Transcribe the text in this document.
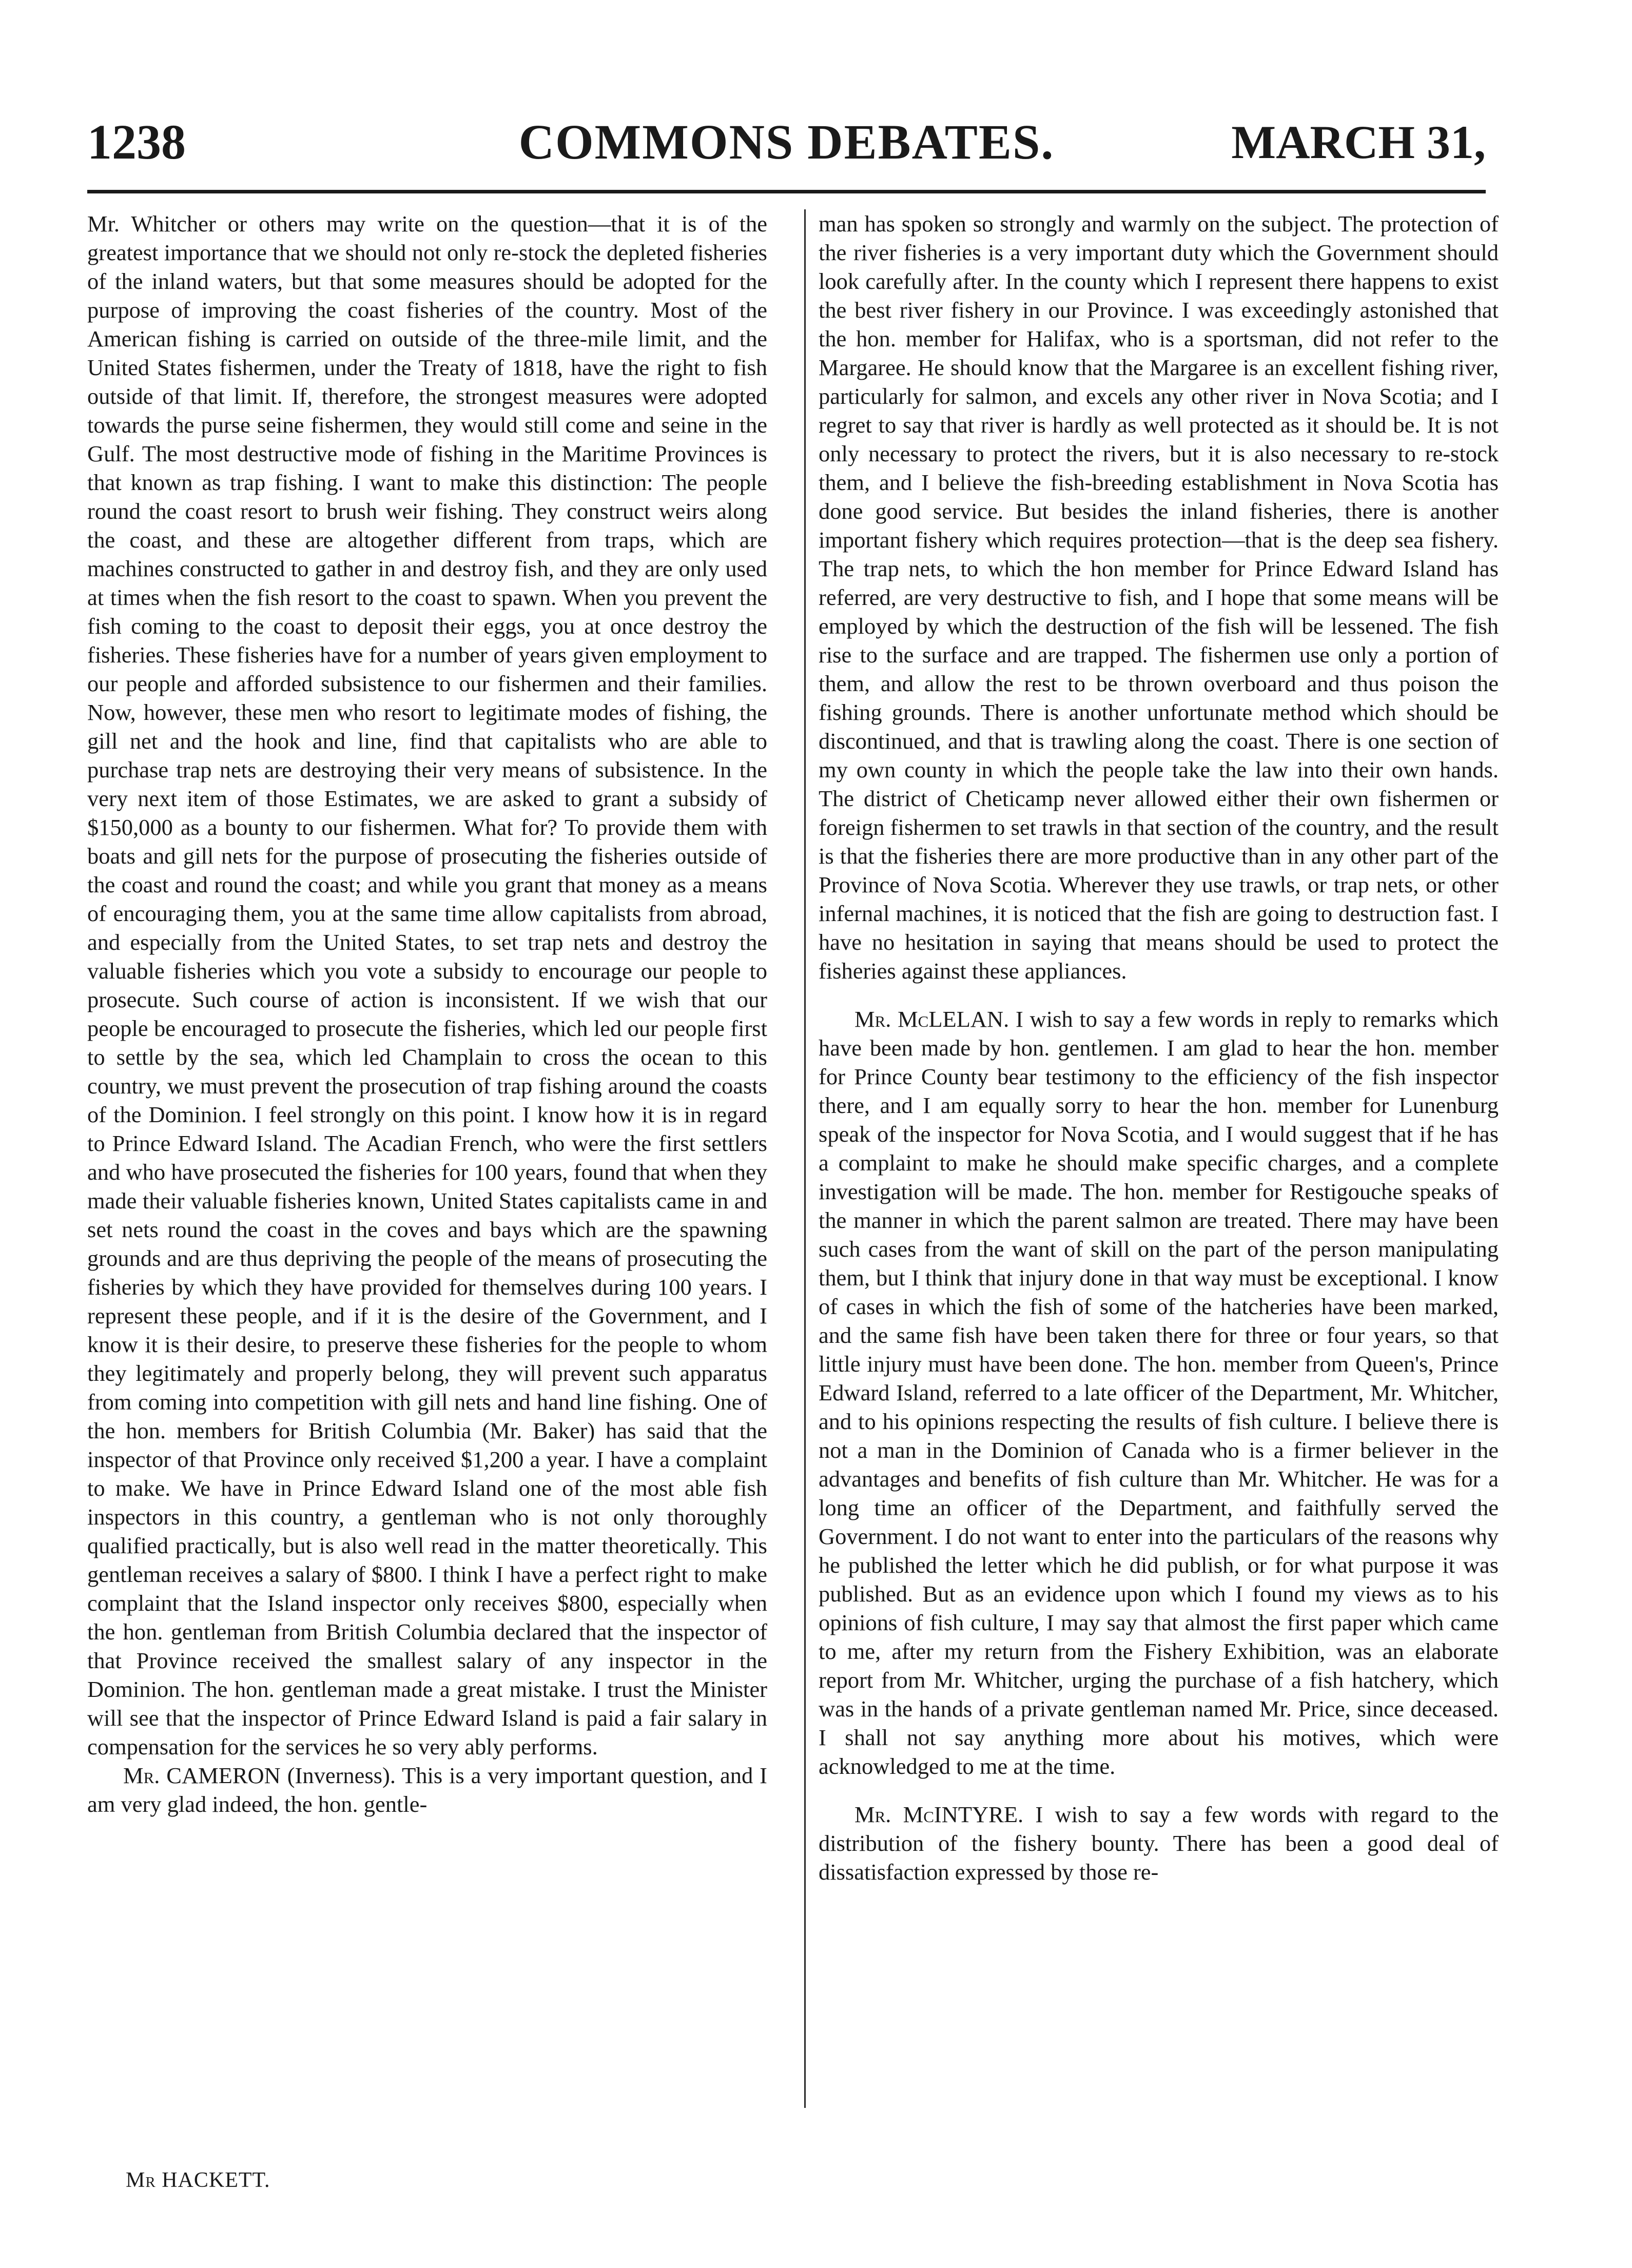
1238	COMMONS DEBATES.	MARCH 31,

Mr. Whitcher or others may write on the question—that it is of the greatest importance that we should not only re-stock the depleted fisheries of the inland waters, but that some measures should be adopted for the purpose of improving the coast fisheries of the country. Most of the American fishing is carried on outside of the three-mile limit, and the United States fishermen, under the Treaty of 1818, have the right to fish outside of that limit. If, therefore, the strongest measures were adopted towards the purse seine fishermen, they would still come and seine in the Gulf. The most destructive mode of fishing in the Maritime Provinces is that known as trap fishing. I want to make this distinction: The people round the coast resort to brush weir fishing. They construct weirs along the coast, and these are altogether different from traps, which are machines constructed to gather in and destroy fish, and they are only used at times when the fish resort to the coast to spawn. When you prevent the fish coming to the coast to deposit their eggs, you at once destroy the fisheries. These fisheries have for a number of years given employment to our people and afforded subsistence to our fishermen and their families. Now, however, these men who resort to legitimate modes of fishing, the gill net and the hook and line, find that capitalists who are able to purchase trap nets are destroying their very means of subsistence. In the very next item of those Estimates, we are asked to grant a subsidy of $150,000 as a bounty to our fishermen. What for? To provide them with boats and gill nets for the purpose of prosecuting the fisheries outside of the coast and round the coast; and while you grant that money as a means of encouraging them, you at the same time allow capitalists from abroad, and especially from the United States, to set trap nets and destroy the valuable fisheries which you vote a subsidy to encourage our people to prosecute. Such course of action is inconsistent. If we wish that our people be encouraged to prosecute the fisheries, which led our people first to settle by the sea, which led Champlain to cross the ocean to this country, we must prevent the prosecution of trap fishing around the coasts of the Dominion. I feel strongly on this point. I know how it is in regard to Prince Edward Island. The Acadian French, who were the first settlers and who have prosecuted the fisheries for 100 years, found that when they made their valuable fisheries known, United States capitalists came in and set nets round the coast in the coves and bays which are the spawning grounds and are thus depriving the people of the means of prosecuting the fisheries by which they have provided for themselves during 100 years. I represent these people, and if it is the desire of the Government, and I know it is their desire, to preserve these fisheries for the people to whom they legitimately and properly belong, they will prevent such apparatus from coming into competition with gill nets and hand line fishing. One of the hon. members for British Columbia (Mr. Baker) has said that the inspector of that Province only received $1,200 a year. I have a complaint to make. We have in Prince Edward Island one of the most able fish inspectors in this country, a gentleman who is not only thoroughly qualified practically, but is also well read in the matter theoretically. This gentleman receives a salary of $800. I think I have a perfect right to make complaint that the Island inspector only receives $800, especially when the hon. gentleman from British Columbia declared that the inspector of that Province received the smallest salary of any inspector in the Dominion. The hon. gentleman made a great mistake. I trust the Minister will see that the inspector of Prince Edward Island is paid a fair salary in compensation for the services he so very ably performs.

Mr. CAMERON (Inverness). This is a very important question, and I am very glad indeed, the hon. gentle-

man has spoken so strongly and warmly on the subject. The protection of the river fisheries is a very important duty which the Government should look carefully after. In the county which I represent there happens to exist the best river fishery in our Province. I was exceedingly astonished that the hon. member for Halifax, who is a sportsman, did not refer to the Margaree. He should know that the Margaree is an excellent fishing river, particularly for salmon, and excels any other river in Nova Scotia; and I regret to say that river is hardly as well protected as it should be. It is not only necessary to protect the rivers, but it is also necessary to re-stock them, and I believe the fish-breeding establishment in Nova Scotia has done good service. But besides the inland fisheries, there is another important fishery which requires protection—that is the deep sea fishery. The trap nets, to which the hon member for Prince Edward Island has referred, are very destructive to fish, and I hope that some means will be employed by which the destruction of the fish will be lessened. The fish rise to the surface and are trapped. The fishermen use only a portion of them, and allow the rest to be thrown overboard and thus poison the fishing grounds. There is another unfortunate method which should be discontinued, and that is trawling along the coast. There is one section of my own county in which the people take the law into their own hands. The district of Cheticamp never allowed either their own fishermen or foreign fishermen to set trawls in that section of the country, and the result is that the fisheries there are more productive than in any other part of the Province of Nova Scotia. Wherever they use trawls, or trap nets, or other infernal machines, it is noticed that the fish are going to destruction fast. I have no hesitation in saying that means should be used to protect the fisheries against these appliances.

Mr. McLELAN. I wish to say a few words in reply to remarks which have been made by hon. gentlemen. I am glad to hear the hon. member for Prince County bear testimony to the efficiency of the fish inspector there, and I am equally sorry to hear the hon. member for Lunenburg speak of the inspector for Nova Scotia, and I would suggest that if he has a complaint to make he should make specific charges, and a complete investigation will be made. The hon. member for Restigouche speaks of the manner in which the parent salmon are treated. There may have been such cases from the want of skill on the part of the person manipulating them, but I think that injury done in that way must be exceptional. I know of cases in which the fish of some of the hatcheries have been marked, and the same fish have been taken there for three or four years, so that little injury must have been done. The hon. member from Queen's, Prince Edward Island, referred to a late officer of the Department, Mr. Whitcher, and to his opinions respecting the results of fish culture. I believe there is not a man in the Dominion of Canada who is a firmer believer in the advantages and benefits of fish culture than Mr. Whitcher. He was for a long time an officer of the Department, and faithfully served the Government. I do not want to enter into the particulars of the reasons why he published the letter which he did publish, or for what purpose it was published. But as an evidence upon which I found my views as to his opinions of fish culture, I may say that almost the first paper which came to me, after my return from the Fishery Exhibition, was an elaborate report from Mr. Whitcher, urging the purchase of a fish hatchery, which was in the hands of a private gentleman named Mr. Price, since deceased. I shall not say anything more about his motives, which were acknowledged to me at the time.

Mr. McINTYRE. I wish to say a few words with regard to the distribution of the fishery bounty. There has been a good deal of dissatisfaction expressed by those re-

Mr HACKETT.
